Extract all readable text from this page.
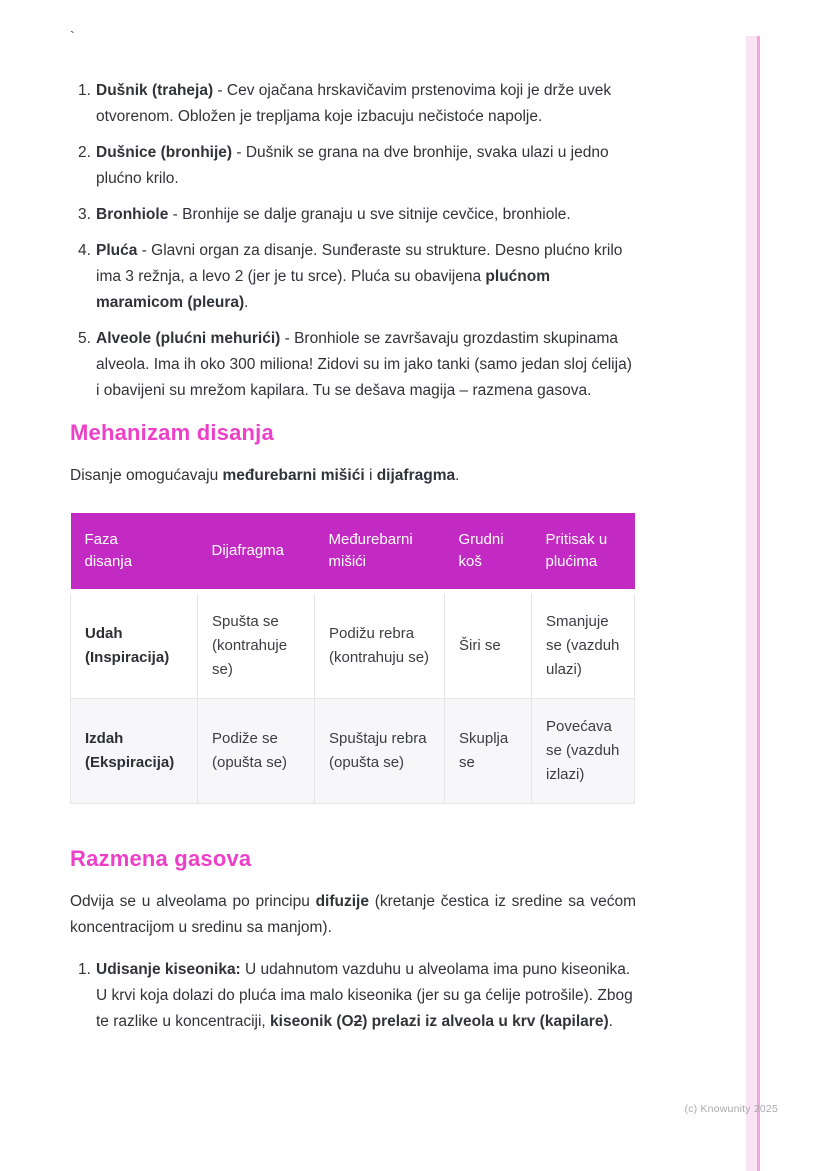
(c) Knowunity 2025
`
1. Dušnik (traheja) - Cev ojačana hrskavičavim prstenovima koji je drže uvek otvorenom. Obložen je trepljama koje izbacuju nečistoće napolje.
2. Dušnice (bronhije) - Dušnik se grana na dve bronhije, svaka ulazi u jedno plućno krilo.
3. Bronhiole - Bronhije se dalje granaju u sve sitnije cevčice, bronhiole.
4. Pluća - Glavni organ za disanje. Sunđeraste su strukture. Desno plućno krilo ima 3 režnja, a levo 2 (jer je tu srce). Pluća su obavijena plućnom maramicom (pleura).
5. Alveole (plućni mehurići) - Bronhiole se završavaju grozdastim skupinama alveola. Ima ih oko 300 miliona! Zidovi su im jako tanki (samo jedan sloj ćelija) i obavijeni su mrežom kapilara. Tu se dešava magija – razmena gasova.
Mehanizam disanja

Disanje omogućavaju međurebarni mišići i dijafragma.

Faza disanja	Dijafragma	Međurebarni mišići	Grudni koš	Pritisak u plućima
Udah (Inspiracija)	Spušta se (kontrahuje se)	Podižu rebra (kontrahuju se)	Širi se	Smanjuje se (vazduh ulazi)
Izdah (Ekspiracija)	Podiže se (opušta se)	Spuštaju rebra (opušta se)	Skuplja se	Povećava se (vazduh izlazi)
Razmena gasova

Odvija se u alveolama po principu difuzije (kretanje čestica iz sredine sa većom koncentracijom u sredinu sa manjom).

1. Udisanje kiseonika: U udahnutom vazduhu u alveolama ima puno kiseonika. U krvi koja dolazi do pluća ima malo kiseonika (jer su ga ćelije potrošile). Zbog te razlike u koncentraciji, kiseonik (O2) prelazi iz alveola u krv (kapilare).
